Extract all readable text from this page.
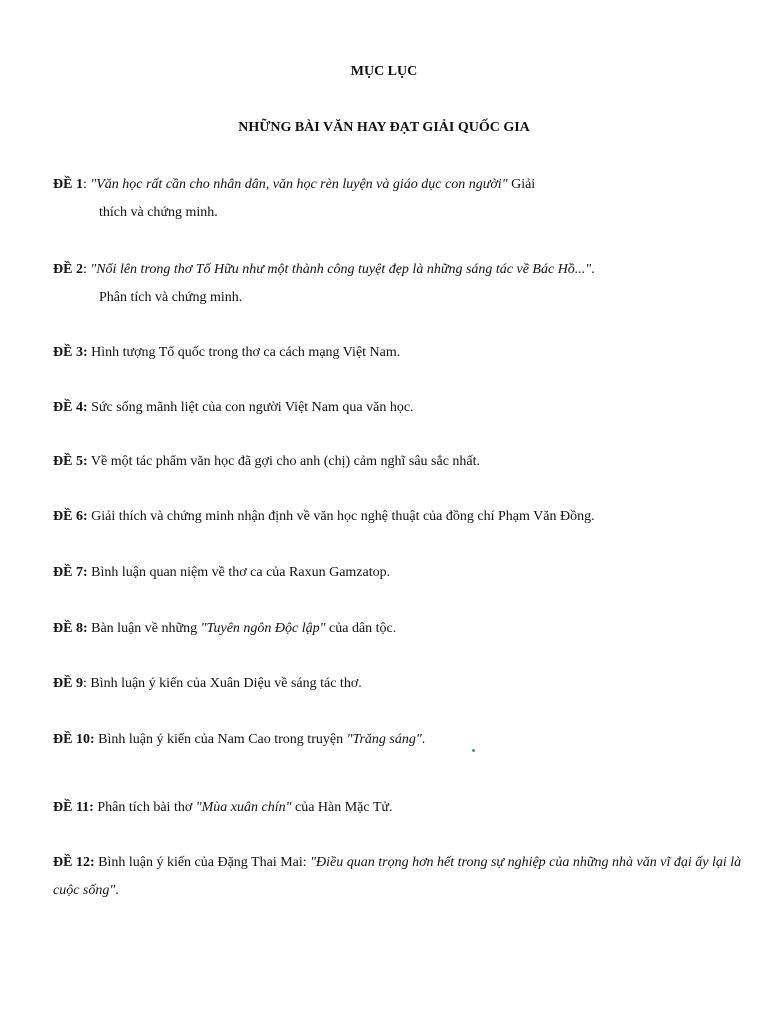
MỤC LỤC
NHỮNG BÀI VĂN HAY ĐẠT GIẢI QUỐC GIA
ĐỀ 1: "Văn học rất cần cho nhân dân, văn học rèn luyện và giáo dục con người" Giải
thích và chứng minh.
ĐỀ 2: "Nổi lên trong thơ Tố Hữu như một thành công tuyệt đẹp là những sáng tác về Bác Hồ...".
Phân tích và chứng minh.
ĐỀ 3: Hình tượng Tổ quốc trong thơ ca cách mạng Việt Nam.
ĐỀ 4: Sức sống mãnh liệt của con người Việt Nam qua văn học.
ĐỀ 5: Về một tác phẩm văn học đã gợi cho anh (chị) cảm nghĩ sâu sắc nhất.
ĐỀ 6: Giải thích và chứng minh nhận định về văn học nghệ thuật của đồng chí Phạm Văn Đồng.
ĐỀ 7: Bình luận quan niệm về thơ ca của Raxun Gamzatop.
ĐỀ 8: Bàn luận về những "Tuyên ngôn Độc lập" của dân tộc.
ĐỀ 9: Bình luận ý kiến của Xuân Diệu về sáng tác thơ.
ĐỀ 10: Bình luận ý kiến của Nam Cao trong truyện "Trăng sáng".
ĐỀ 11: Phân tích bài thơ "Mùa xuân chín" của Hàn Mặc Tử.
ĐỀ 12: Bình luận ý kiến của Đặng Thai Mai: "Điều quan trọng hơn hết trong sự nghiệp của những nhà văn vĩ đại ấy lại là cuộc sống".
